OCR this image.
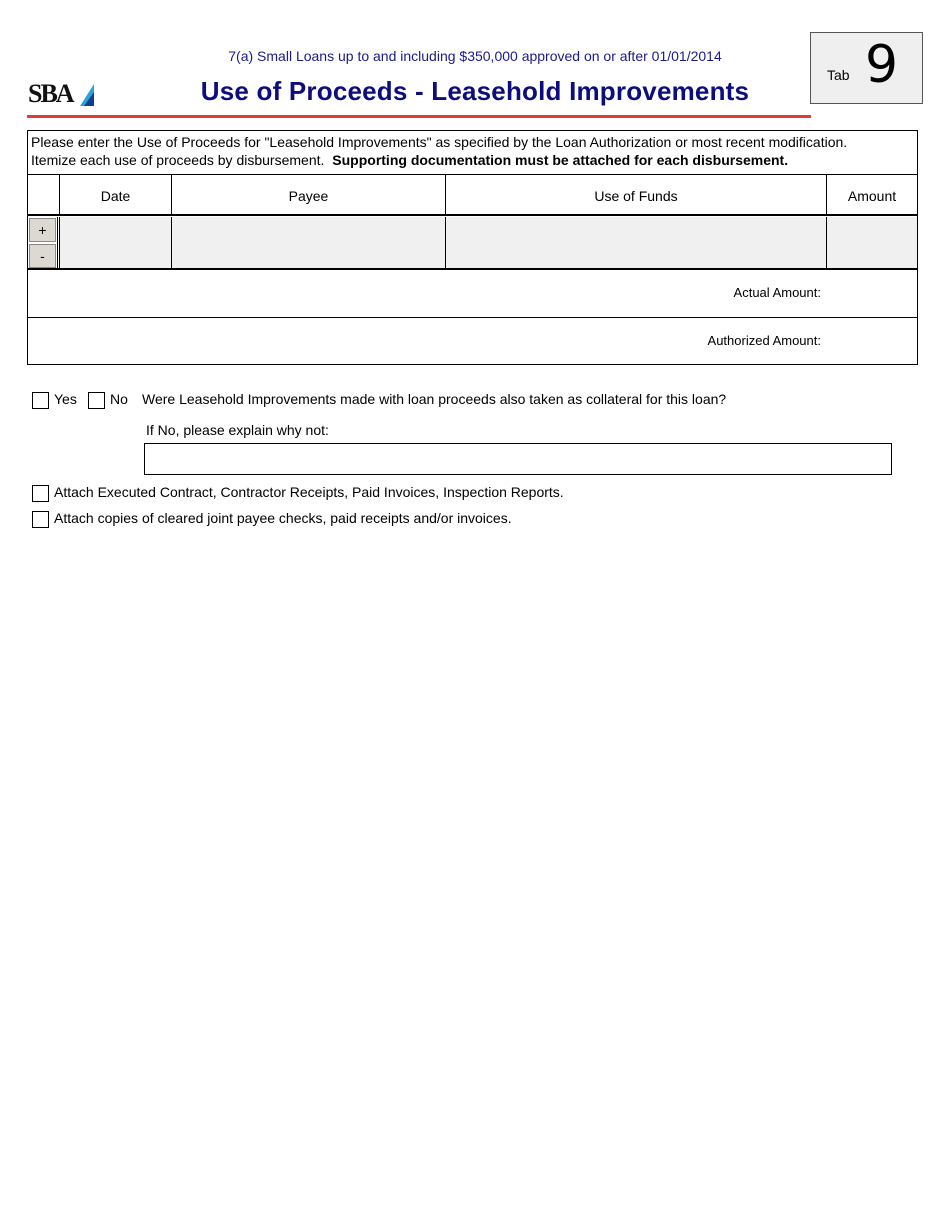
SBA
7(a) Small Loans up to and including $350,000 approved on or after 01/01/2014
Use of Proceeds - Leasehold Improvements
Tab 9
Please enter the Use of Proceeds for "Leasehold Improvements" as specified by the Loan Authorization or most recent modification.
Itemize each use of proceeds by disbursement. Supporting documentation must be attached for each disbursement.
Date	Payee	Use of Funds	Amount
+
-
Actual Amount:
Authorized Amount:
Yes No Were Leasehold Improvements made with loan proceeds also taken as collateral for this loan?
If No, please explain why not:
Attach Executed Contract, Contractor Receipts, Paid Invoices, Inspection Reports.
Attach copies of cleared joint payee checks, paid receipts and/or invoices.
